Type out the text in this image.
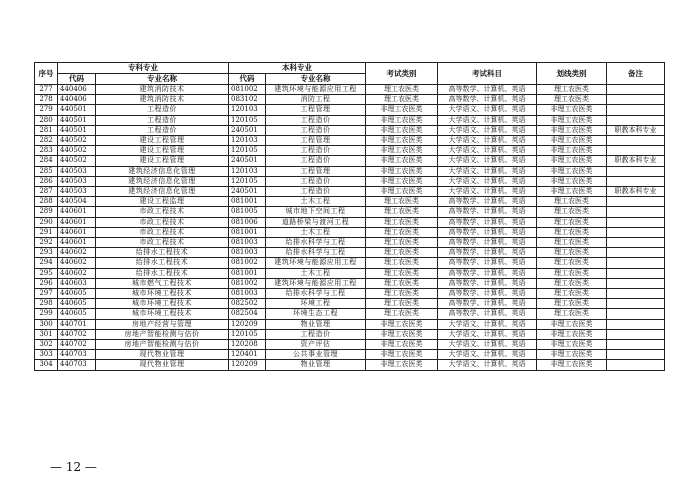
序号	专科专业		本科专业		考试类别	考试科目	划线类别	备注
	代码	专业名称	代码	专业名称				
277	440406	建筑消防技术	081002	建筑环境与能源应用工程	理工农医类	高等数学、计算机、英语	理工农医类	
278	440406	建筑消防技术	083102	消防工程	理工农医类	高等数学、计算机、英语	理工农医类	
279	440501	工程造价	120103	工程管理	非理工农医类	大学语文、计算机、英语	非理工农医类	
280	440501	工程造价	120105	工程造价	非理工农医类	大学语文、计算机、英语	非理工农医类	
281	440501	工程造价	240501	工程造价	非理工农医类	大学语文、计算机、英语	非理工农医类	职教本科专业
282	440502	建设工程管理	120103	工程管理	非理工农医类	大学语文、计算机、英语	非理工农医类	
283	440502	建设工程管理	120105	工程造价	非理工农医类	大学语文、计算机、英语	非理工农医类	
284	440502	建设工程管理	240501	工程造价	非理工农医类	大学语文、计算机、英语	非理工农医类	职教本科专业
285	440503	建筑经济信息化管理	120103	工程管理	非理工农医类	大学语文、计算机、英语	非理工农医类	
286	440503	建筑经济信息化管理	120105	工程造价	非理工农医类	大学语文、计算机、英语	非理工农医类	
287	440503	建筑经济信息化管理	240501	工程造价	非理工农医类	大学语文、计算机、英语	非理工农医类	职教本科专业
288	440504	建设工程监理	081001	土木工程	理工农医类	高等数学、计算机、英语	理工农医类	
289	440601	市政工程技术	081005	城市地下空间工程	理工农医类	高等数学、计算机、英语	理工农医类	
290	440601	市政工程技术	081006	道路桥梁与渡河工程	理工农医类	高等数学、计算机、英语	理工农医类	
291	440601	市政工程技术	081001	土木工程	理工农医类	高等数学、计算机、英语	理工农医类	
292	440601	市政工程技术	081003	给排水科学与工程	理工农医类	高等数学、计算机、英语	理工农医类	
293	440602	给排水工程技术	081003	给排水科学与工程	理工农医类	高等数学、计算机、英语	理工农医类	
294	440602	给排水工程技术	081002	建筑环境与能源应用工程	理工农医类	高等数学、计算机、英语	理工农医类	
295	440602	给排水工程技术	081001	土木工程	理工农医类	高等数学、计算机、英语	理工农医类	
296	440603	城市燃气工程技术	081002	建筑环境与能源应用工程	理工农医类	高等数学、计算机、英语	理工农医类	
297	440605	城市环境工程技术	081003	给排水科学与工程	理工农医类	高等数学、计算机、英语	理工农医类	
298	440605	城市环境工程技术	082502	环境工程	理工农医类	高等数学、计算机、英语	理工农医类	
299	440605	城市环境工程技术	082504	环境生态工程	理工农医类	高等数学、计算机、英语	理工农医类	
300	440701	房地产经营与管理	120209	物业管理	非理工农医类	大学语文、计算机、英语	非理工农医类	
301	440702	房地产智能检测与估价	120105	工程造价	非理工农医类	大学语文、计算机、英语	非理工农医类	
302	440702	房地产智能检测与估价	120208	资产评估	非理工农医类	大学语文、计算机、英语	非理工农医类	
303	440703	现代物业管理	120401	公共事业管理	非理工农医类	大学语文、计算机、英语	非理工农医类	
304	440703	现代物业管理	120209	物业管理	非理工农医类	大学语文、计算机、英语	非理工农医类	
— 12 —
